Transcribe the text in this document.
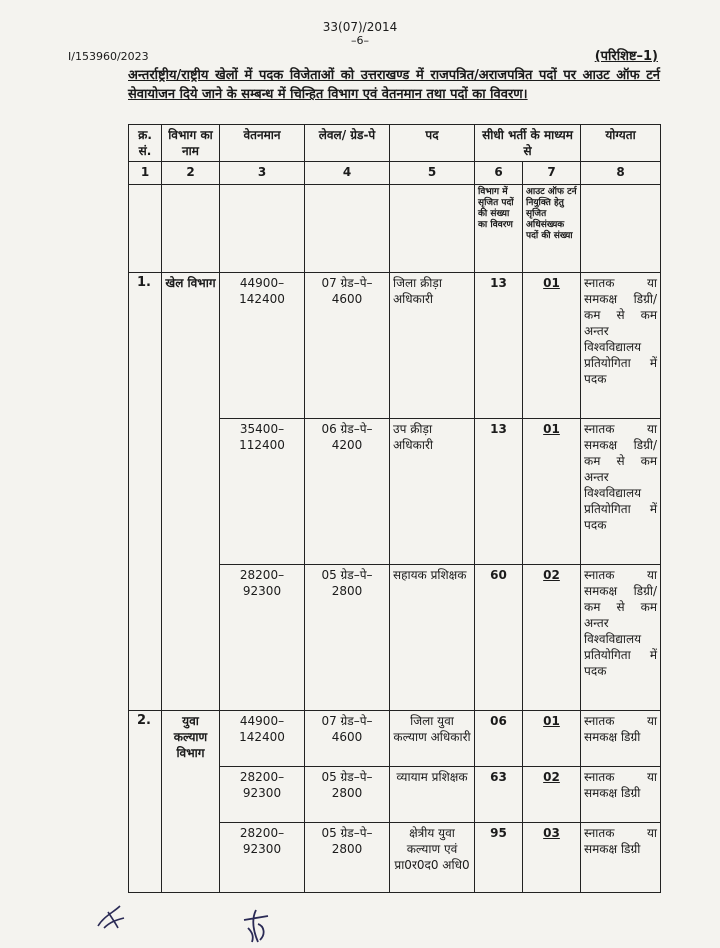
33(07)/2014
–6–
I/153960/2023	(परिशिष्ट–1)
अन्तर्राष्ट्रीय/राष्ट्रीय खेलों में पदक विजेताओं को उत्तराखण्ड में राजपत्रित/अराजपत्रित पदों पर आउट ऑफ टर्न सेवायोजन दिये जाने के सम्बन्ध में चिन्हित विभाग एवं वेतनमान तथा पदों का विवरण।
क्र. सं.	विभाग का नाम	वेतनमान	लेवल/ ग्रेड-पे	पद	सीधी भर्ती के माध्यम से		योग्यता
1	2	3	4	5	6	7	8
					विभाग में सृजित पदों की संख्या का विवरण	आउट ऑफ टर्न नियुक्ति हेतु सृजित अधिसंख्यक पदों की संख्या	
1.	खेल विभाग	44900–142400	07 ग्रेड–पे–4600	जिला क्रीड़ा अधिकारी	13	01	स्नातक या समकक्ष डिग्री/कम से कम अन्तर विश्वविद्यालय प्रतियोगिता में पदक
		35400–112400	06 ग्रेड–पे–4200	उप क्रीड़ा अधिकारी	13	01	स्नातक या समकक्ष डिग्री/कम से कम अन्तर विश्वविद्यालय प्रतियोगिता में पदक
		28200–92300	05 ग्रेड–पे–2800	सहायक प्रशिक्षक	60	02	स्नातक या समकक्ष डिग्री/कम से कम अन्तर विश्वविद्यालय प्रतियोगिता में पदक
2.	युवा कल्याण विभाग	44900–142400	07 ग्रेड–पे–4600	जिला युवा कल्याण अधिकारी	06	01	स्नातक या समकक्ष डिग्री
		28200–92300	05 ग्रेड–पे–2800	व्यायाम प्रशिक्षक	63	02	स्नातक या समकक्ष डिग्री
		28200–92300	05 ग्रेड–पे–2800	क्षेत्रीय युवा कल्याण एवं प्रा0र0द0 अधि0	95	03	स्नातक या समकक्ष डिग्री
